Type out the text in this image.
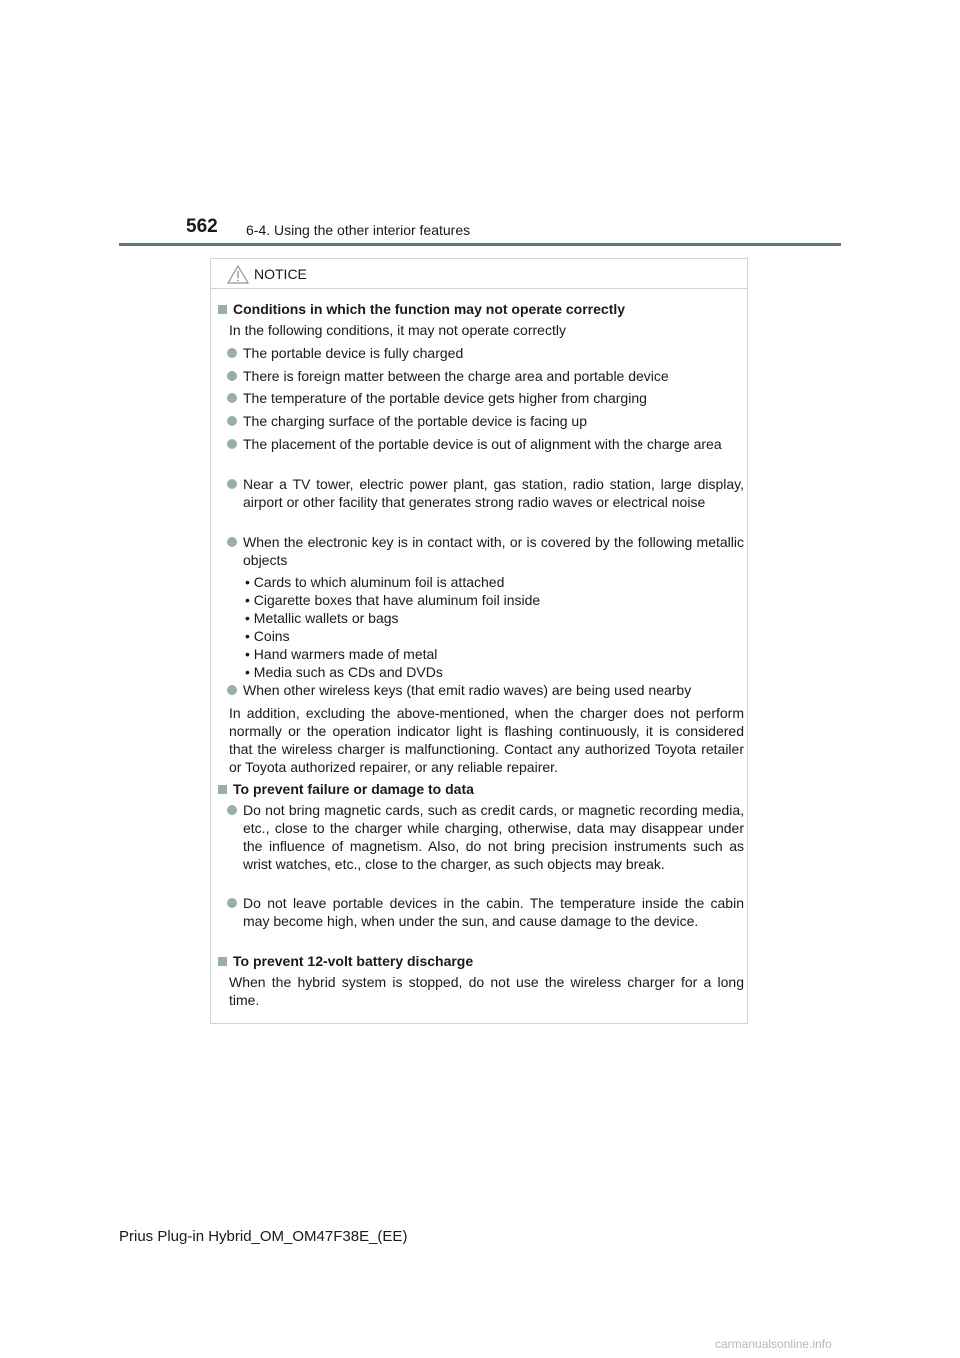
562 6-4. Using the other interior features
NOTICE
Conditions in which the function may not operate correctly

In the following conditions, it may not operate correctly

The portable device is fully charged
There is foreign matter between the charge area and portable device
The temperature of the portable device gets higher from charging
The charging surface of the portable device is facing up
The placement of the portable device is out of alignment with the charge area
Near a TV tower, electric power plant, gas station, radio station, large display, airport or other facility that generates strong radio waves or electrical noise
When the electronic key is in contact with, or is covered by the following metallic objects
• Cards to which aluminum foil is attached
• Cigarette boxes that have aluminum foil inside
• Metallic wallets or bags
• Coins
• Hand warmers made of metal
• Media such as CDs and DVDs
When other wireless keys (that emit radio waves) are being used nearby

In addition, excluding the above-mentioned, when the charger does not perform normally or the operation indicator light is flashing continuously, it is considered that the wireless charger is malfunctioning. Contact any authorized Toyota retailer or Toyota authorized repairer, or any reliable repairer.

To prevent failure or damage to data
Do not bring magnetic cards, such as credit cards, or magnetic recording media, etc., close to the charger while charging, otherwise, data may disappear under the influence of magnetism. Also, do not bring precision instruments such as wrist watches, etc., close to the charger, as such objects may break.
Do not leave portable devices in the cabin. The temperature inside the cabin may become high, when under the sun, and cause damage to the device.
To prevent 12-volt battery discharge

When the hybrid system is stopped, do not use the wireless charger for a long time.

Prius Plug-in Hybrid_OM_OM47F38E_(EE)
carmanualsonline.info
